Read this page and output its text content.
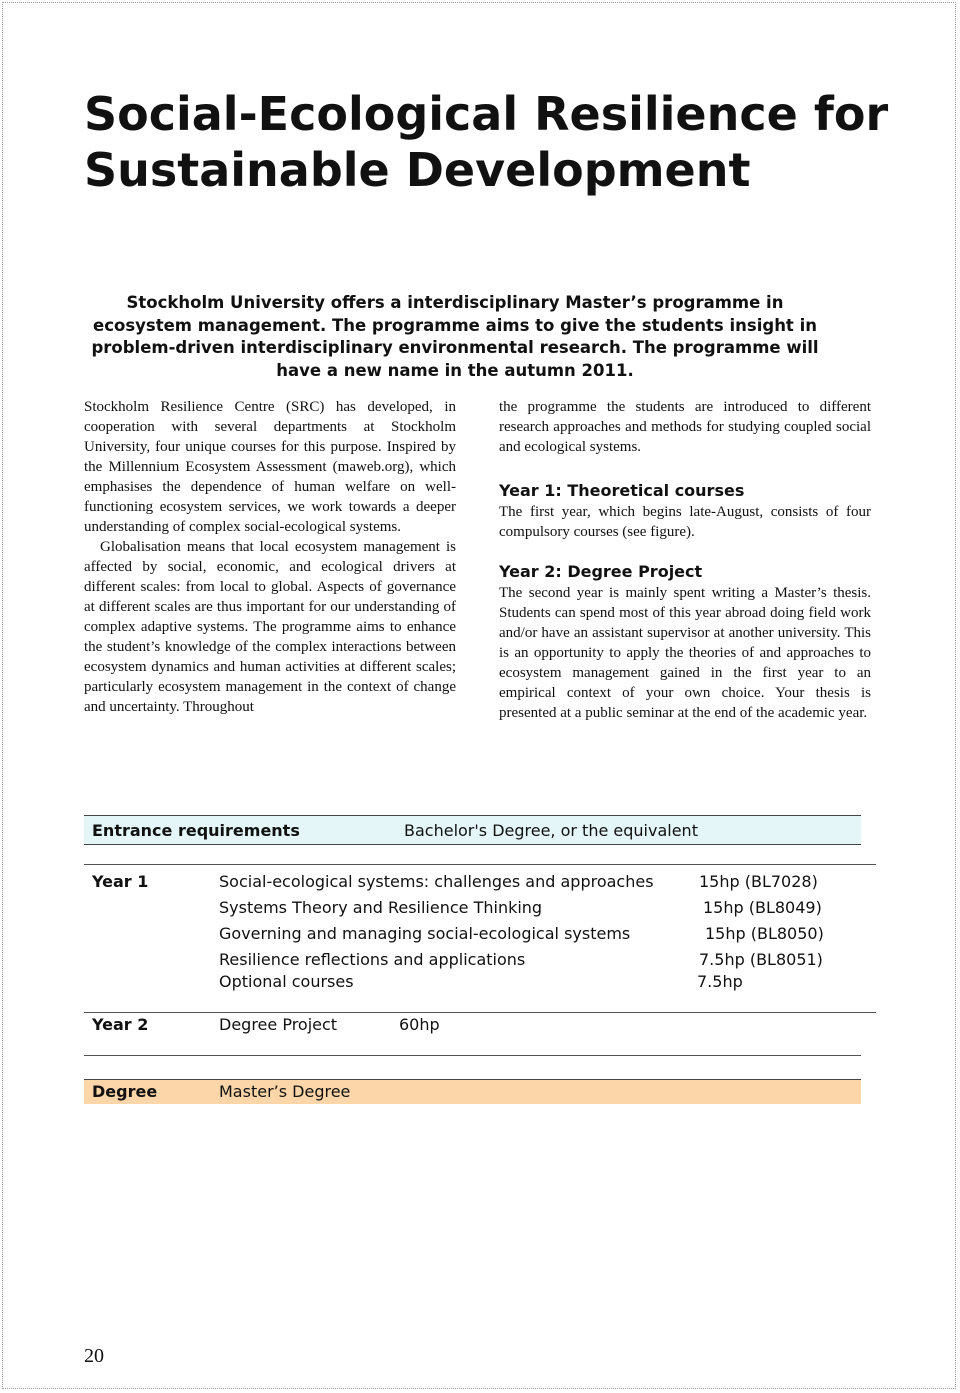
Social-Ecological Resilience for
Sustainable Development

Stockholm University offers a interdisciplinary Master’s programme in ecosystem management. The programme aims to give the students insight in problem-driven interdisciplinary environmental research. The programme will have a new name in the autumn 2011.

Stockholm Resilience Centre (SRC) has developed, in cooperation with several departments at Stockholm University, four unique courses for this purpose. Inspired by the Millennium Ecosystem Assessment (maweb.org), which emphasises the dependence of human welfare on well-functioning ecosystem services, we work towards a deeper understanding of complex social-ecological systems.

Globalisation means that local ecosystem management is affected by social, economic, and ecological drivers at different scales: from local to global. Aspects of governance at different scales are thus important for our understanding of complex adaptive systems. The programme aims to enhance the student’s knowledge of the complex interactions between ecosystem dynamics and human activities at different scales; particularly ecosystem management in the context of change and uncertainty. Throughout

the programme the students are introduced to different research approaches and methods for studying coupled social and ecological systems.

Year 1: Theoretical courses

The first year, which begins late-August, consists of four compulsory courses (see figure).

Year 2: Degree Project

The second year is mainly spent writing a Master’s thesis. Students can spend most of this year abroad doing field work and/or have an assistant supervisor at another university. This is an opportunity to apply the theories of and approaches to ecosystem management gained in the first year to an empirical context of your own choice. Your thesis is presented at a public seminar at the end of the academic year.

Entrance requirements	Bachelor's Degree, or the equivalent
Year 1	Social-ecological systems: challenges and approaches	15hp (BL7028)
Systems Theory and Resilience Thinking	15hp (BL8049)
Governing and managing social-ecological systems	15hp (BL8050)
Resilience reflections and applications	7.5hp (BL8051)
Optional courses	7.5hp
Year 2	Degree Project	60hp
Degree	Master’s Degree
20
